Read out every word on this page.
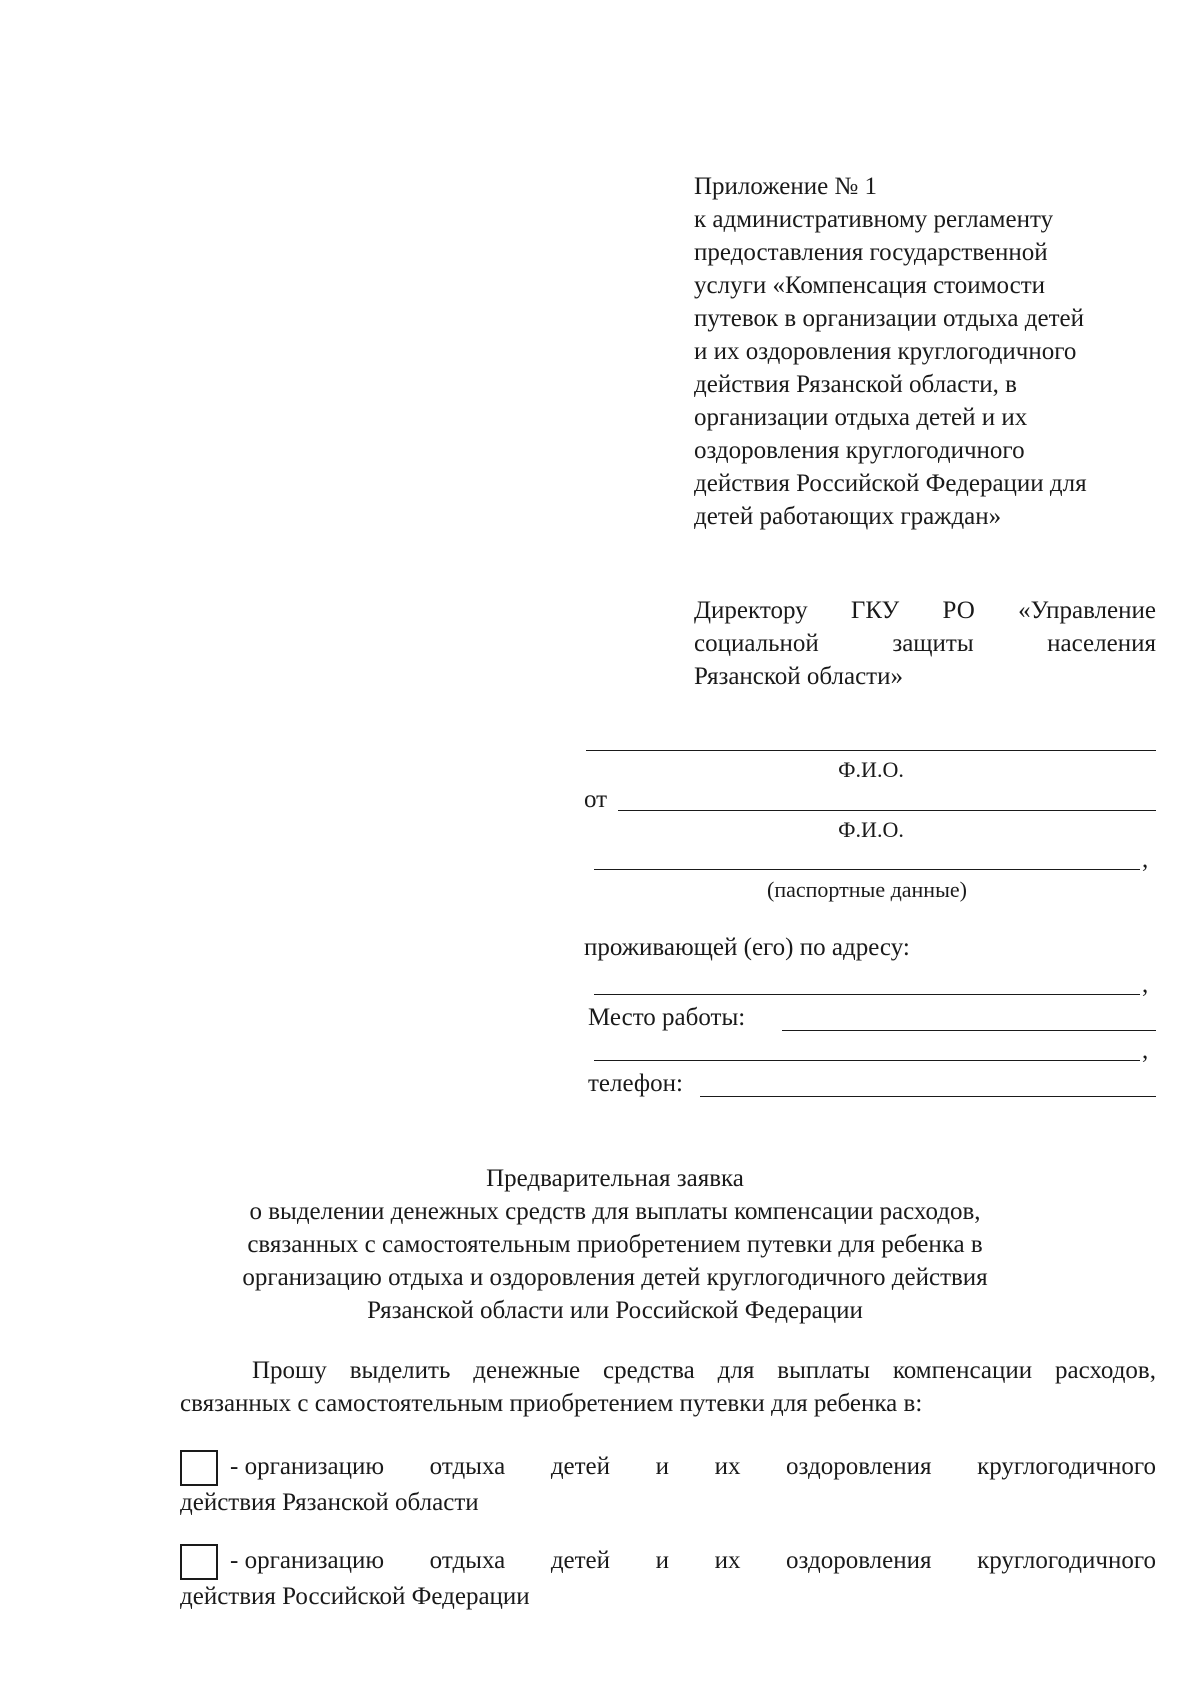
Приложение № 1
к административному регламенту
предоставления государственной
услуги «Компенсация стоимости
путевок в организации отдыха детей
и их оздоровления круглогодичного
действия Рязанской области, в
организации отдыха детей и их
оздоровления круглогодичного
действия Российской Федерации для
детей работающих граждан»
Директору ГКУ РО «Управление
социальной	защиты	населения
Рязанской области»
Ф.И.О.
от
Ф.И.О.
,
(паспортные данные)
проживающей (его) по адресу:
,
Место работы:
,
телефон:
Предварительная заявка
о выделении денежных средств для выплаты компенсации расходов,
связанных с самостоятельным приобретением путевки для ребенка в
организацию отдыха и оздоровления детей круглогодичного действия
Рязанской области или Российской Федерации
Прошу выделить денежные средства для выплаты компенсации расходов,
связанных с самостоятельным приобретением путевки для ребенка в:
- организацию отдыха детей и их оздоровления круглогодичного
действия Рязанской области
- организацию отдыха детей и их оздоровления круглогодичного
действия Российской Федерации
